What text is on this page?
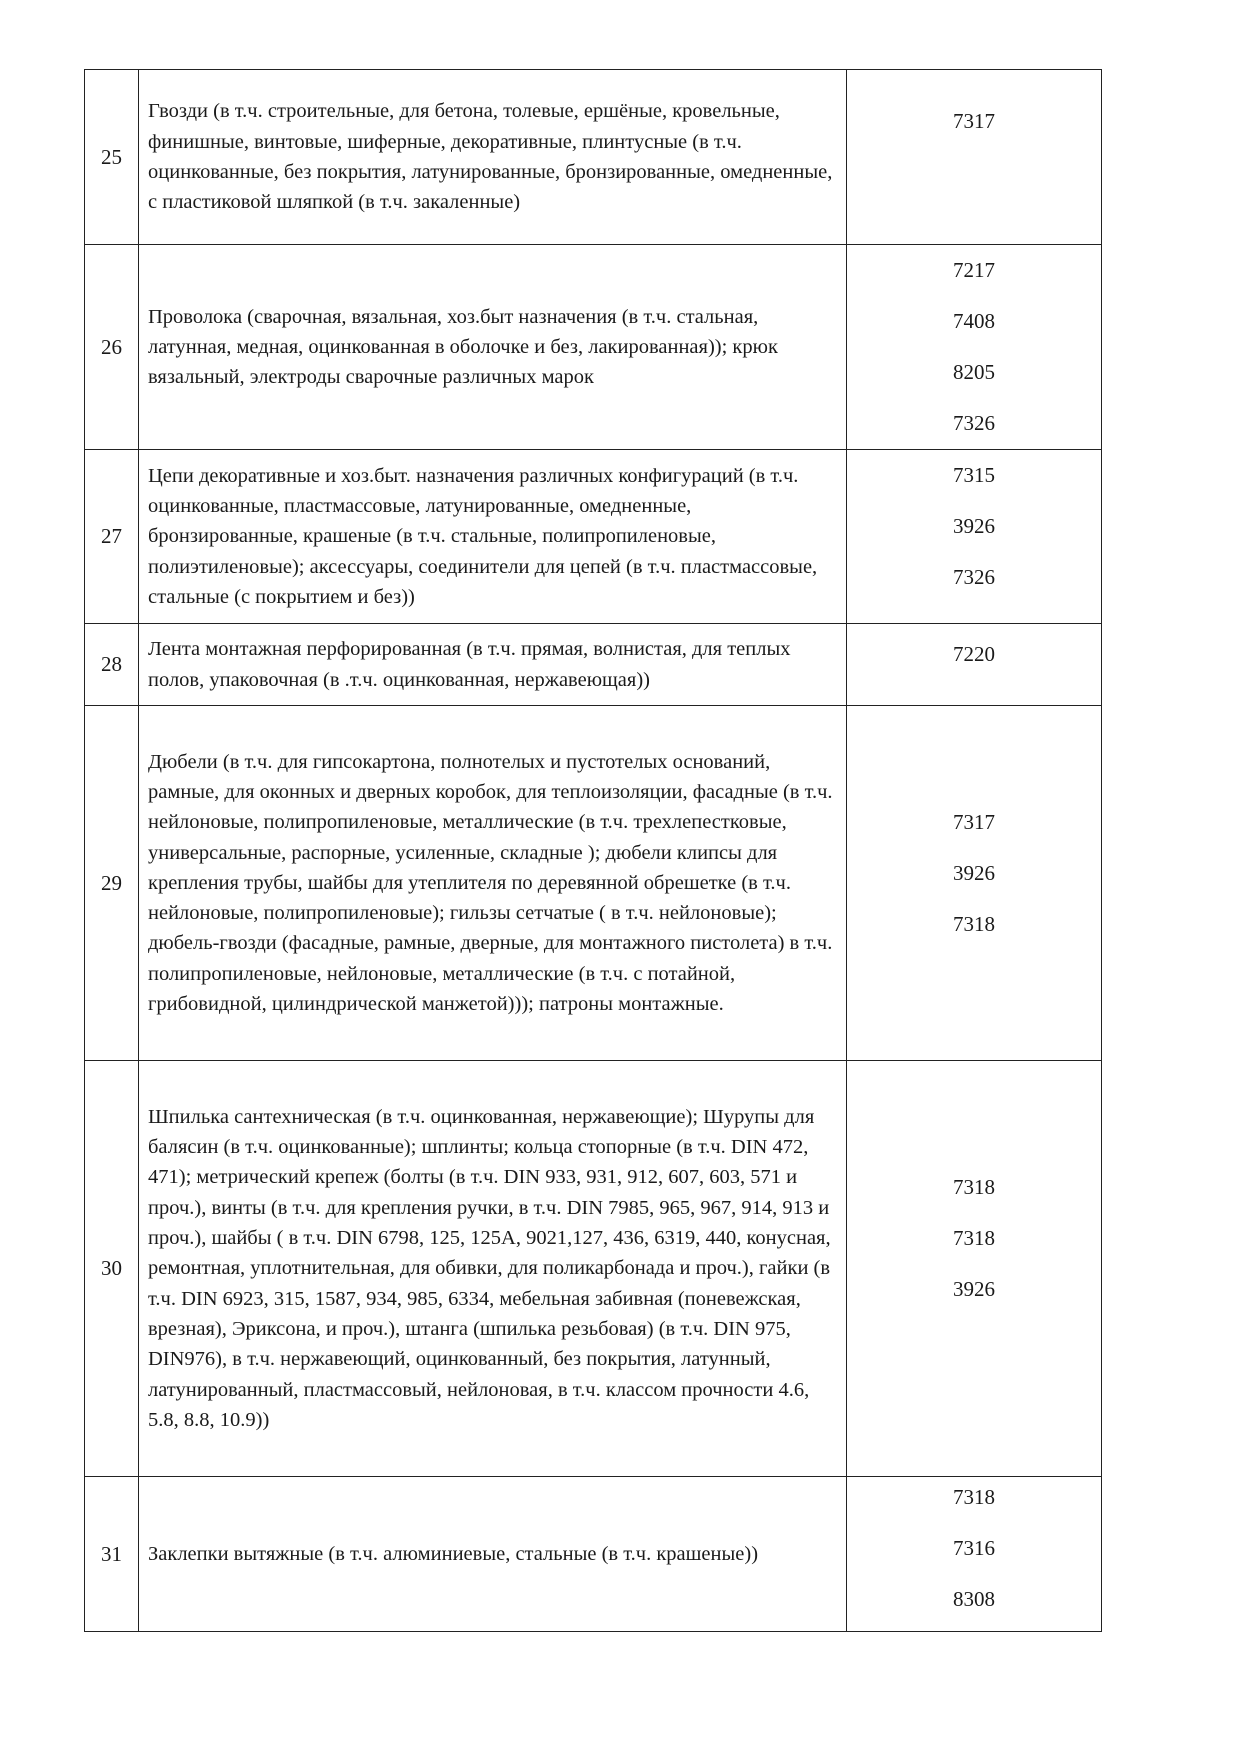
25	Гвозди (в т.ч. строительные, для бетона, толевые, ершёные, кровельные, финишные, винтовые, шиферные, декоративные, плинтусные (в т.ч. оцинкованные, без покрытия, латунированные, бронзированные, омедненные, с пластиковой шляпкой (в т.ч. закаленные)	7317

26	Проволока (сварочная, вязальная, хоз.быт назначения (в т.ч. стальная, латунная, медная, оцинкованная в оболочке и без, лакированная)); крюк вязальный, электроды сварочные различных марок	7217
7408
8205
7326

27	Цепи декоративные и хоз.быт. назначения различных конфигураций (в т.ч. оцинкованные, пластмассовые, латунированные, омедненные, бронзированные, крашеные (в т.ч. стальные, полипропиленовые, полиэтиленовые); аксессуары, соединители для цепей (в т.ч. пластмассовые, стальные (с покрытием и без))	
7315
3926
7326

28	Лента монтажная перфорированная (в т.ч. прямая, волнистая, для теплых полов, упаковочная (в .т.ч. оцинкованная, нержавеющая))	7220

29	Дюбели (в т.ч. для гипсокартона, полнотелых и пустотелых оснований, рамные, для оконных и дверных коробок, для теплоизоляции, фасадные (в т.ч. нейлоновые, полипропиленовые, металлические (в т.ч. трехлепестковые, универсальные, распорные, усиленные, складные ); дюбели клипсы для крепления трубы, шайбы для утеплителя по деревянной обрешетке (в т.ч. нейлоновые, полипропиленовые); гильзы сетчатые ( в т.ч. нейлоновые); дюбель-гвозди (фасадные, рамные, дверные, для монтажного пистолета) в т.ч. полипропиленовые, нейлоновые, металлические (в т.ч. с потайной, грибовидной, цилиндрической манжетой))); патроны монтажные.	
7317
3926
7318

30	Шпилька сантехническая (в т.ч. оцинкованная, нержавеющие); Шурупы для балясин (в т.ч. оцинкованные); шплинты; кольца стопорные (в т.ч. DIN 472, 471); метрический крепеж (болты (в т.ч. DIN 933, 931, 912, 607, 603, 571 и проч.), винты (в т.ч. для крепления ручки, в т.ч. DIN 7985, 965, 967, 914, 913 и проч.), шайбы ( в т.ч. DIN 6798, 125, 125A, 9021,127, 436, 6319, 440, конусная, ремонтная, уплотнительная, для обивки, для поликарбонада и проч.), гайки (в т.ч. DIN 6923, 315, 1587, 934, 985, 6334, мебельная забивная (поневежская, врезная), Эриксона, и проч.), штанга (шпилька резьбовая) (в т.ч. DIN 975, DIN976), в т.ч. нержавеющий, оцинкованный, без покрытия, латунный, латунированный, пластмассовый, нейлоновая, в т.ч. классом прочности 4.6, 5.8, 8.8, 10.9))	
7318
7318
3926

31	Заклепки вытяжные (в т.ч. алюминиевые, стальные (в т.ч. крашеные))	7318
7316
8308
